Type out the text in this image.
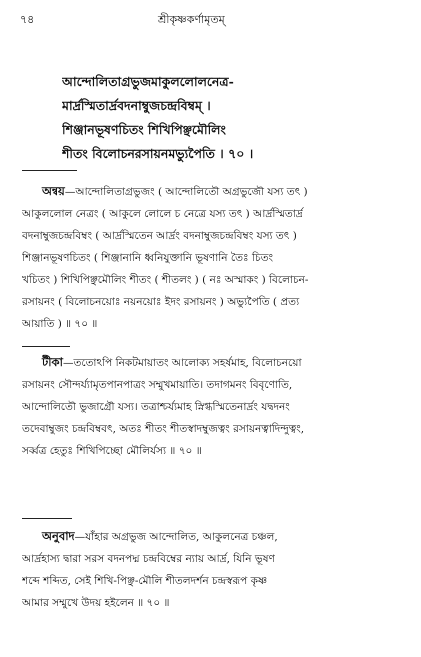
৭৪	শ্রীকৃষ্ণকর্ণামৃতম্
আন্দোলিতাগ্রভুজমাকুললোলনেত্র-
মার্দ্রস্মিতার্দ্রবদনাম্বুজচন্দ্রবিম্বম্ ।
শিঞ্জানভূষণচিতং শিখিপিঞ্ছমৌলিং
শীতং বিলোচনরসায়নমভ্যুপৈতি । ৭০ ।
অন্বয়—আন্দোলিতাগ্রভুজং ( আন্দোলিতৌ অগ্রভুজৌ যস্য তৎ )
আকুললোল নেত্রং ( আকুলে লোলে চ নেত্রে যস্য তৎ ) আর্দ্রস্মিতার্দ্র
বদনাম্বুজচন্দ্রবিম্বং ( আর্দ্রস্মিতেন আর্দ্রং বদনাম্বুজচন্দ্রবিম্বং যস্য তৎ )
শিঞ্জানভূষণচিতং ( শিঞ্জানানি ধ্বনিযুক্তানি ভূষণানি তৈঃ চিতং
খচিতং ) শিখিপিঞ্ছমৌলিং শীতং ( শীতলং ) ( নঃ অস্মাকং ) বিলোচন-
রসায়নং ( বিলোচনয়োঃ নয়নয়োঃ ইদং রসায়নং ) অভ্যুপৈতি ( প্রত্য
আয়াতি ) ॥ ৭০ ॥
টীকা—ততোঽপি নিকটমায়াতং আলোক্য সহর্ষমাহ, বিলোচনয়ো
রসায়নং সৌন্দর্য্যামৃতপানপাত্রং সম্মুখমায়াতি। তদাগমনং বিবৃণোতি,
আন্দোলিতৌ ভুজাগ্রৌ যস্য। তত্রাশ্চর্য্যমাহ স্নিগ্ধস্মিতেনার্দ্রং যদ্বদনং
তদেবাম্বুজং চন্দ্রবিম্ববৎ, অতঃ শীতং শীতস্বাদম্বুজত্বং রসায়নত্বাদিন্দুত্বং,
সর্ব্বত্র হেতুঃ শিখিপিচ্ছো মৌলির্যস্য ॥ ৭০ ॥
অনুবাদ—যাঁহার অগ্রভুজ আন্দোলিত, আকুলনেত্র চঞ্চল,
আর্দ্রহাস্য দ্বারা সরস বদনপদ্ম চন্দ্রবিম্বের ন্যায় আর্দ্র, যিনি ভূষণ
শব্দে শব্দিত, সেই শিখি-পিঞ্ছ-মৌলি শীতলদর্শন চন্দ্রস্বরূপ কৃষ্ণ
আমার সম্মুখে উদয় হইলেন ॥ ৭০ ॥
